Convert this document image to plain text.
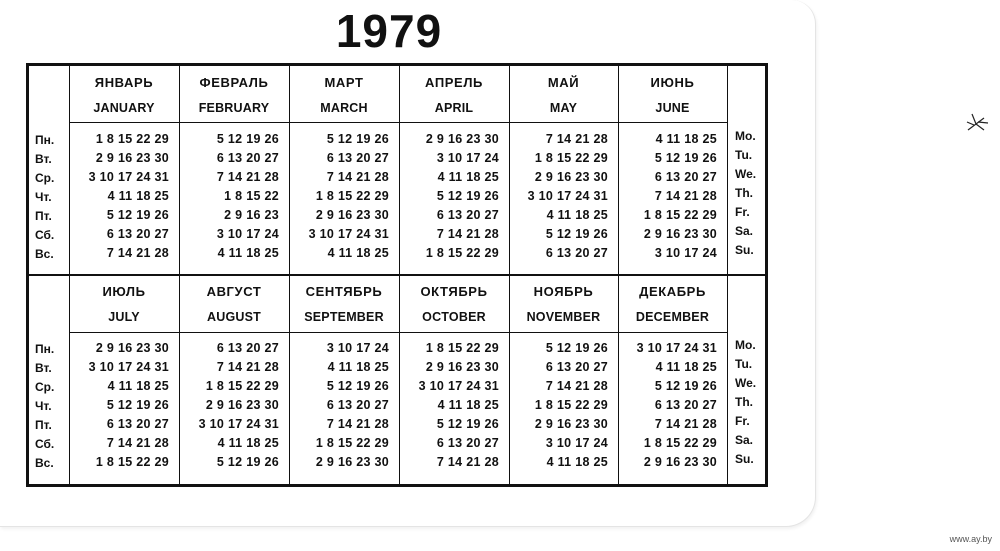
1979
ЯНВАРЬ
JANUARY
1 8 15 22 29
2 9 16 23 30
3 10 17 24 31
4 11 18 25
5 12 19 26
6 13 20 27
7 14 21 28
ФЕВРАЛЬ
FEBRUARY
5 12 19 26
6 13 20 27
7 14 21 28
1 8 15 22
2 9 16 23
3 10 17 24
4 11 18 25
МАРТ
MARCH
5 12 19 26
6 13 20 27
7 14 21 28
1 8 15 22 29
2 9 16 23 30
3 10 17 24 31
4 11 18 25
АПРЕЛЬ
APRIL
2 9 16 23 30
3 10 17 24
4 11 18 25
5 12 19 26
6 13 20 27
7 14 21 28
1 8 15 22 29
МАЙ
MAY
7 14 21 28
1 8 15 22 29
2 9 16 23 30
3 10 17 24 31
4 11 18 25
5 12 19 26
6 13 20 27
ИЮНЬ
JUNE
4 11 18 25
5 12 19 26
6 13 20 27
7 14 21 28
1 8 15 22 29
2 9 16 23 30
3 10 17 24
Пн.
Вт.
Ср.
Чт.
Пт.
Сб.
Вс.
Mo.
Tu.
We.
Th.
Fr.
Sa.
Su.
ИЮЛЬ
JULY
2 9 16 23 30
3 10 17 24 31
4 11 18 25
5 12 19 26
6 13 20 27
7 14 21 28
1 8 15 22 29
АВГУСТ
AUGUST
6 13 20 27
7 14 21 28
1 8 15 22 29
2 9 16 23 30
3 10 17 24 31
4 11 18 25
5 12 19 26
СЕНТЯБРЬ
SEPTEMBER
3 10 17 24
4 11 18 25
5 12 19 26
6 13 20 27
7 14 21 28
1 8 15 22 29
2 9 16 23 30
ОКТЯБРЬ
OCTOBER
1 8 15 22 29
2 9 16 23 30
3 10 17 24 31
4 11 18 25
5 12 19 26
6 13 20 27
7 14 21 28
НОЯБРЬ
NOVEMBER
5 12 19 26
6 13 20 27
7 14 21 28
1 8 15 22 29
2 9 16 23 30
3 10 17 24
4 11 18 25
ДЕКАБРЬ
DECEMBER
3 10 17 24 31
4 11 18 25
5 12 19 26
6 13 20 27
7 14 21 28
1 8 15 22 29
2 9 16 23 30
Пн.
Вт.
Ср.
Чт.
Пт.
Сб.
Вс.
Mo.
Tu.
We.
Th.
Fr.
Sa.
Su.
www.ay.by
